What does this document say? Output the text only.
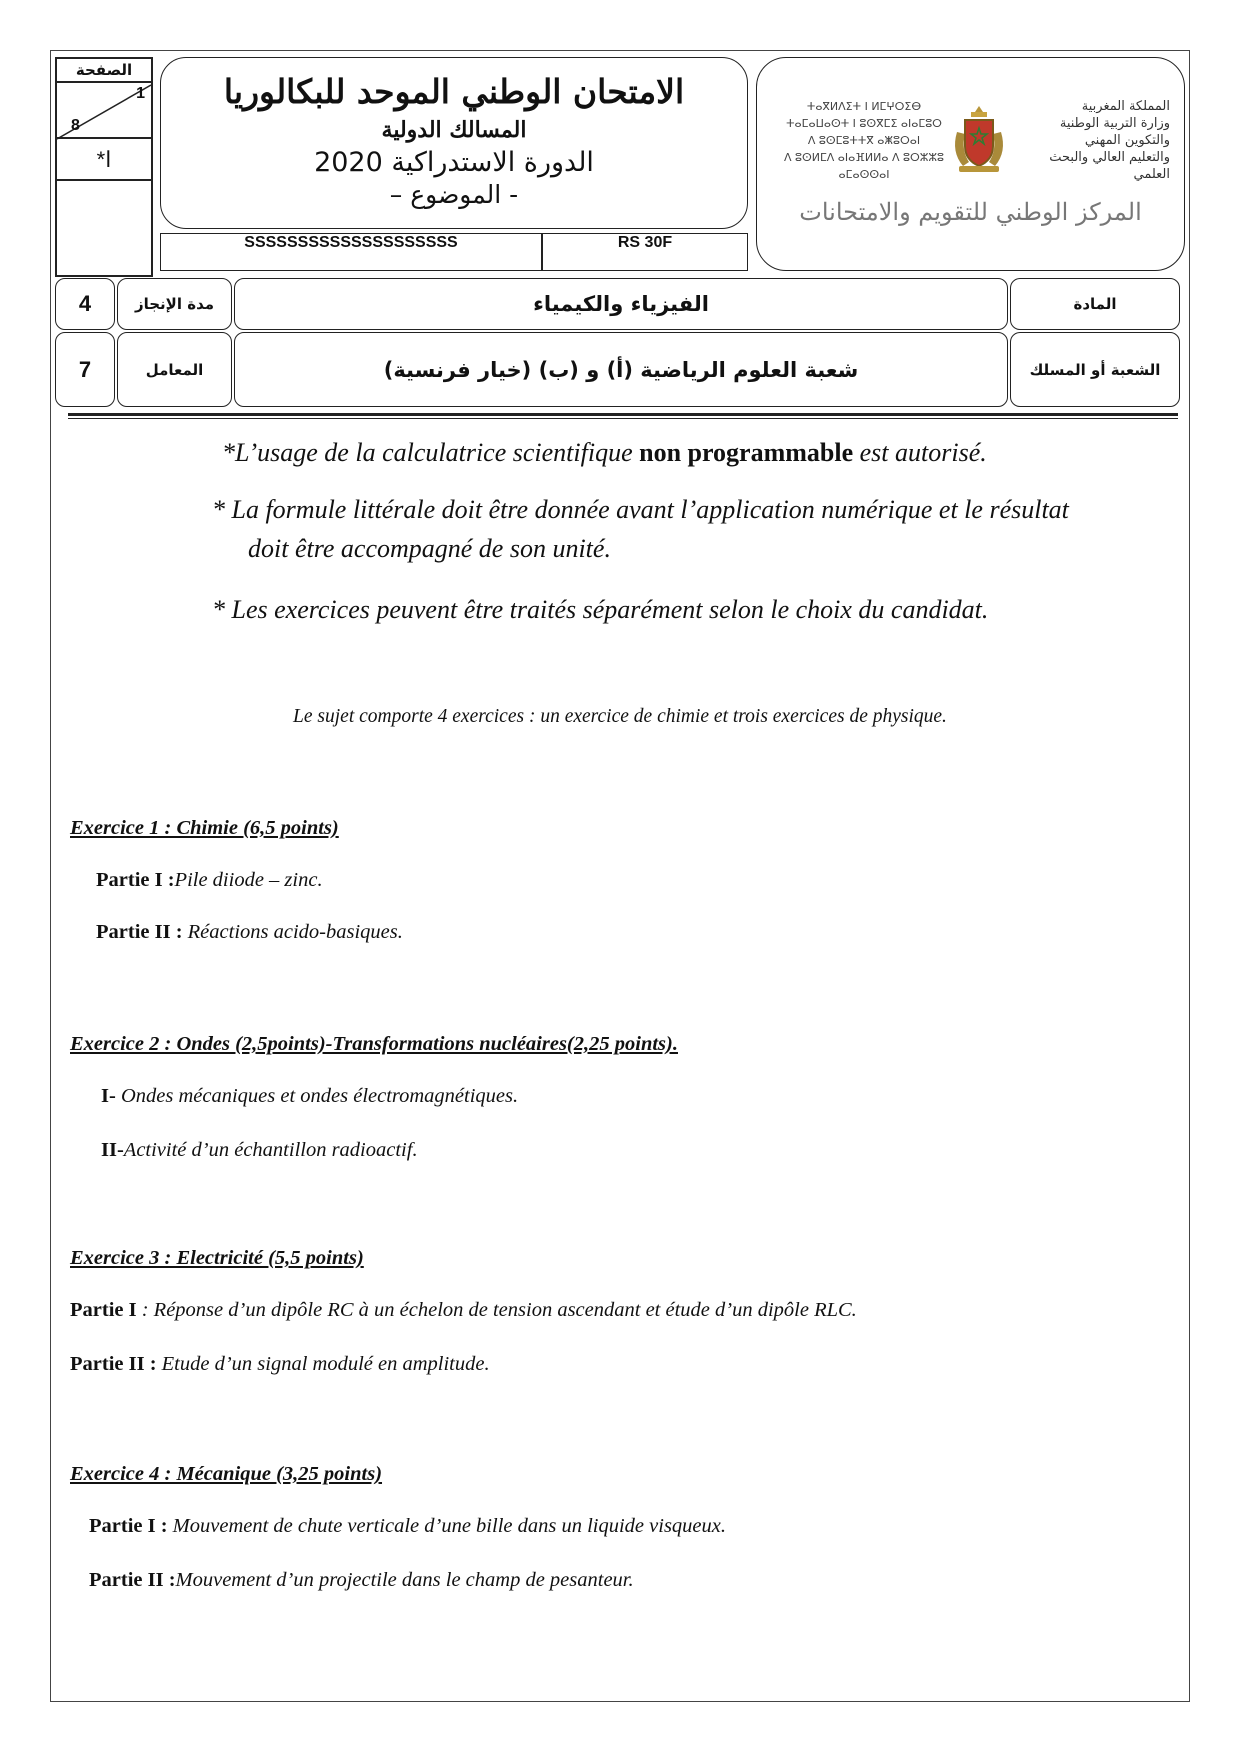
الصفحة
1
8
*ا
الامتحان الوطني الموحد للبكالوريا
المسالك الدولية
الدورة الاستدراكية 2020
- الموضوع –
SSSSSSSSSSSSSSSSSSSS	RS 30F
ⵜⴰⴳⵍⴷⵉⵜ ⵏ ⵍⵎⵖⵔⵉⴱ
ⵜⴰⵎⴰⵡⴰⵙⵜ ⵏ ⵓⵙⴳⵎⵉ ⴰⵏⴰⵎⵓⵔ
ⴷ ⵓⵙⵎⵓⵜⵜⴳ ⴰⵥⵓⵔⴰⵏ
ⴷ ⵓⵙⵍⵎⴷ ⴰⵏⴰⴼⵍⵍⴰ ⴷ ⵓⵔⵣⵣⵓ ⴰⵎⴰⵙⵙⴰⵏ
المملكة المغربية
وزارة التربية الوطنية
والتكوين المهني
والتعليم العالي والبحث العلمي
المركز الوطني للتقويم والامتحانات
4	مدة الإنجاز	الفيزياء والكيمياء	المادة
7	المعامل	شعبة العلوم الرياضية (أ) و (ب) (خيار فرنسية)	الشعبة أو المسلك
*L’usage de la calculatrice scientifique non programmable est autorisé.
* La formule littérale doit être donnée avant l’application numérique et le résultat
doit être accompagné de son unité.
* Les exercices peuvent être traités séparément selon le choix du candidat.
Le sujet comporte 4 exercices : un exercice de chimie et trois exercices de physique.
Exercice 1 : Chimie (6,5 points)
Partie I :Pile diiode – zinc.
Partie II : Réactions acido-basiques.
Exercice 2 : Ondes (2,5points)-Transformations nucléaires(2,25 points).
I- Ondes mécaniques et ondes électromagnétiques.
II-Activité d’un échantillon radioactif.
Exercice 3 : Electricité (5,5 points)
Partie I : Réponse d’un dipôle RC à un échelon de tension ascendant et étude d’un dipôle RLC.
Partie II : Etude d’un signal modulé en amplitude.
Exercice 4 : Mécanique (3,25 points)
Partie I : Mouvement de chute verticale d’une bille dans un liquide visqueux.
Partie II :Mouvement d’un projectile dans le champ de pesanteur.
